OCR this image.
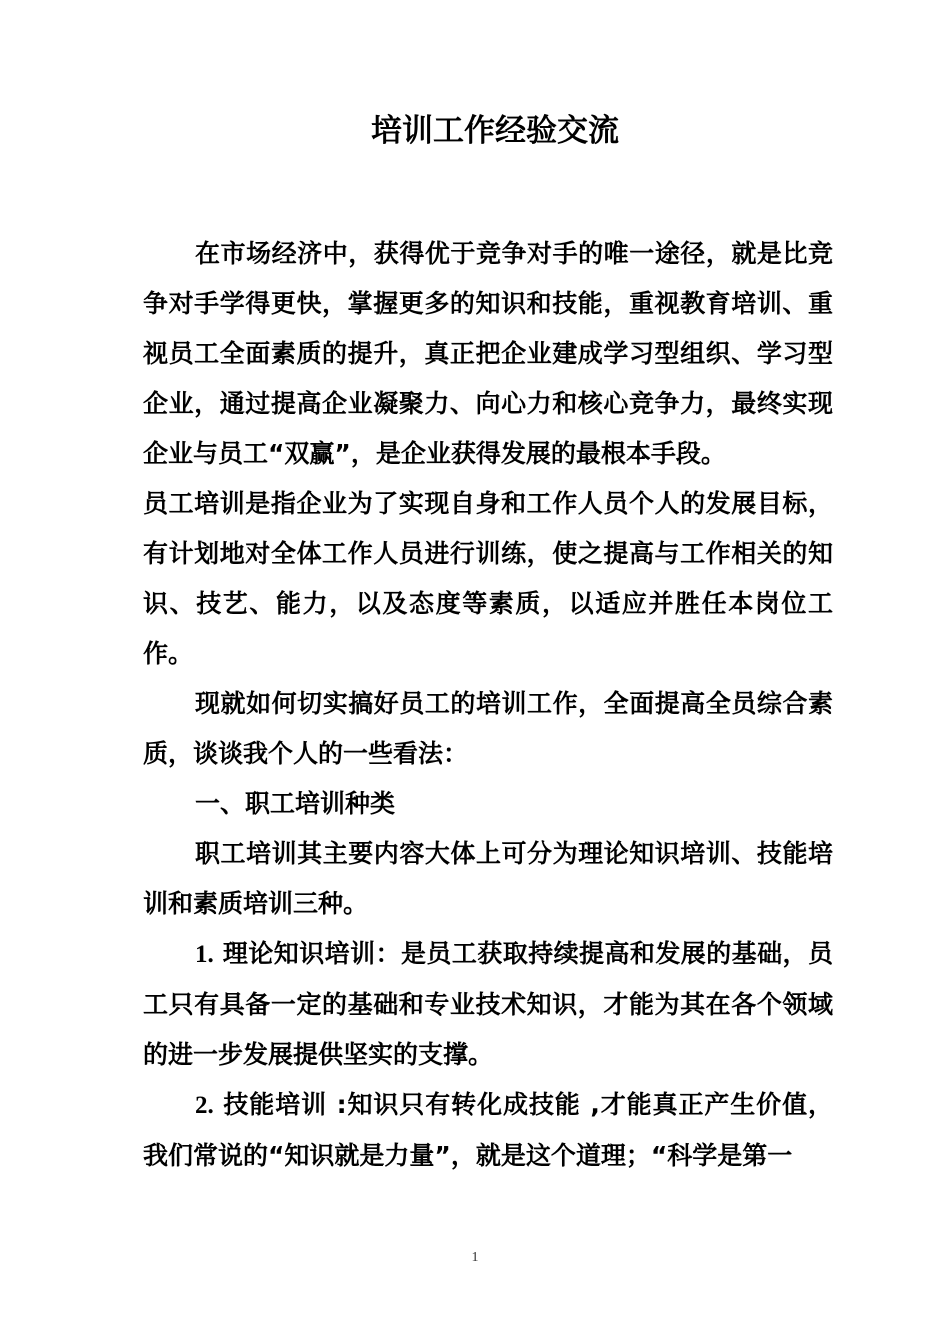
培训工作经验交流

在市场经济中，获得优于竞争对手的唯一途径，就是比竞争对手学得更快，掌握更多的知识和技能，重视教育培训、重视员工全面素质的提升，真正把企业建成学习型组织、学习型企业，通过提高企业凝聚力、向心力和核心竞争力，最终实现企业与员工“双赢”，是企业获得发展的最根本手段。

员工培训是指企业为了实现自身和工作人员个人的发展目标，有计划地对全体工作人员进行训练，使之提高与工作相关的知识、技艺、能力，以及态度等素质，以适应并胜任本岗位工作。

现就如何切实搞好员工的培训工作，全面提高全员综合素质，谈谈我个人的一些看法：

一、职工培训种类

职工培训其主要内容大体上可分为理论知识培训、技能培训和素质培训三种。

1. 理论知识培训：是员工获取持续提高和发展的基础，员工只有具备一定的基础和专业技术知识，才能为其在各个领域的进一步发展提供坚实的支撑。

2. 技能培训 :知识只有转化成技能 ,才能真正产生价值，我们常说的“知识就是力量”，就是这个道理；“科学是第一

1
